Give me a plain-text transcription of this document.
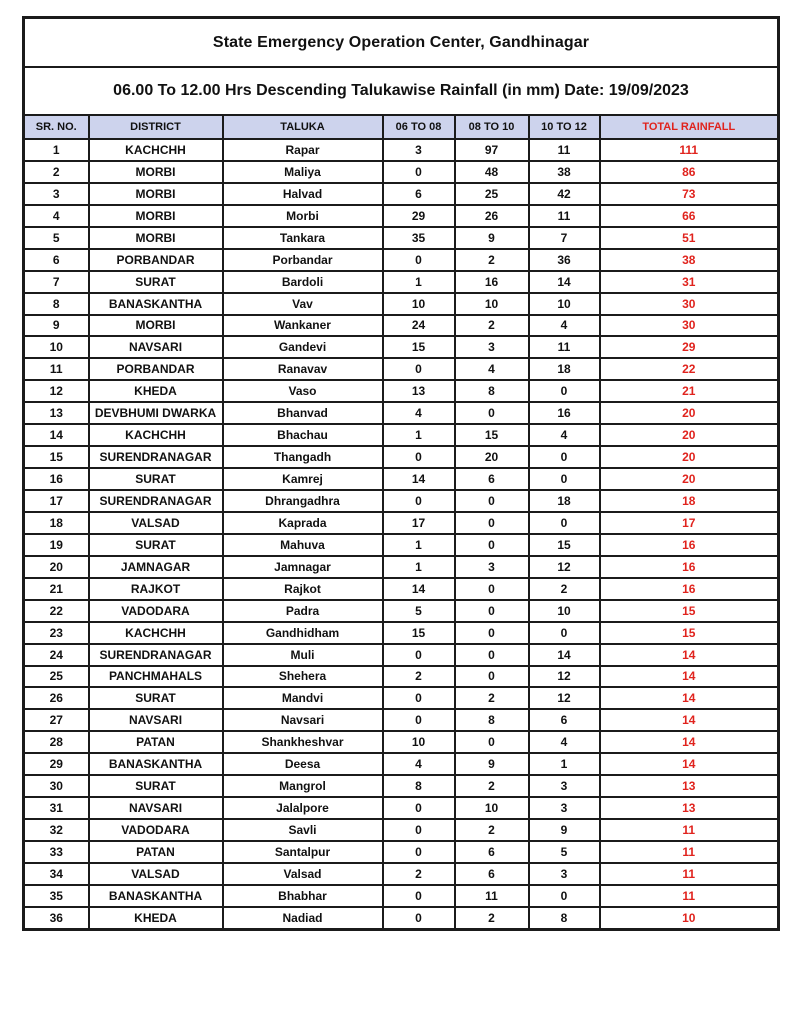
State Emergency Operation Center, Gandhinagar						
06.00 To 12.00 Hrs Descending Talukawise Rainfall (in mm) Date: 19/09/2023						
SR. NO.	DISTRICT	TALUKA	06 TO 08	08 TO 10	10 TO 12	TOTAL RAINFALL
1	KACHCHH	Rapar	3	97	11	111
2	MORBI	Maliya	0	48	38	86
3	MORBI	Halvad	6	25	42	73
4	MORBI	Morbi	29	26	11	66
5	MORBI	Tankara	35	9	7	51
6	PORBANDAR	Porbandar	0	2	36	38
7	SURAT	Bardoli	1	16	14	31
8	BANASKANTHA	Vav	10	10	10	30
9	MORBI	Wankaner	24	2	4	30
10	NAVSARI	Gandevi	15	3	11	29
11	PORBANDAR	Ranavav	0	4	18	22
12	KHEDA	Vaso	13	8	0	21
13	DEVBHUMI DWARKA	Bhanvad	4	0	16	20
14	KACHCHH	Bhachau	1	15	4	20
15	SURENDRANAGAR	Thangadh	0	20	0	20
16	SURAT	Kamrej	14	6	0	20
17	SURENDRANAGAR	Dhrangadhra	0	0	18	18
18	VALSAD	Kaprada	17	0	0	17
19	SURAT	Mahuva	1	0	15	16
20	JAMNAGAR	Jamnagar	1	3	12	16
21	RAJKOT	Rajkot	14	0	2	16
22	VADODARA	Padra	5	0	10	15
23	KACHCHH	Gandhidham	15	0	0	15
24	SURENDRANAGAR	Muli	0	0	14	14
25	PANCHMAHALS	Shehera	2	0	12	14
26	SURAT	Mandvi	0	2	12	14
27	NAVSARI	Navsari	0	8	6	14
28	PATAN	Shankheshvar	10	0	4	14
29	BANASKANTHA	Deesa	4	9	1	14
30	SURAT	Mangrol	8	2	3	13
31	NAVSARI	Jalalpore	0	10	3	13
32	VADODARA	Savli	0	2	9	11
33	PATAN	Santalpur	0	6	5	11
34	VALSAD	Valsad	2	6	3	11
35	BANASKANTHA	Bhabhar	0	11	0	11
36	KHEDA	Nadiad	0	2	8	10
